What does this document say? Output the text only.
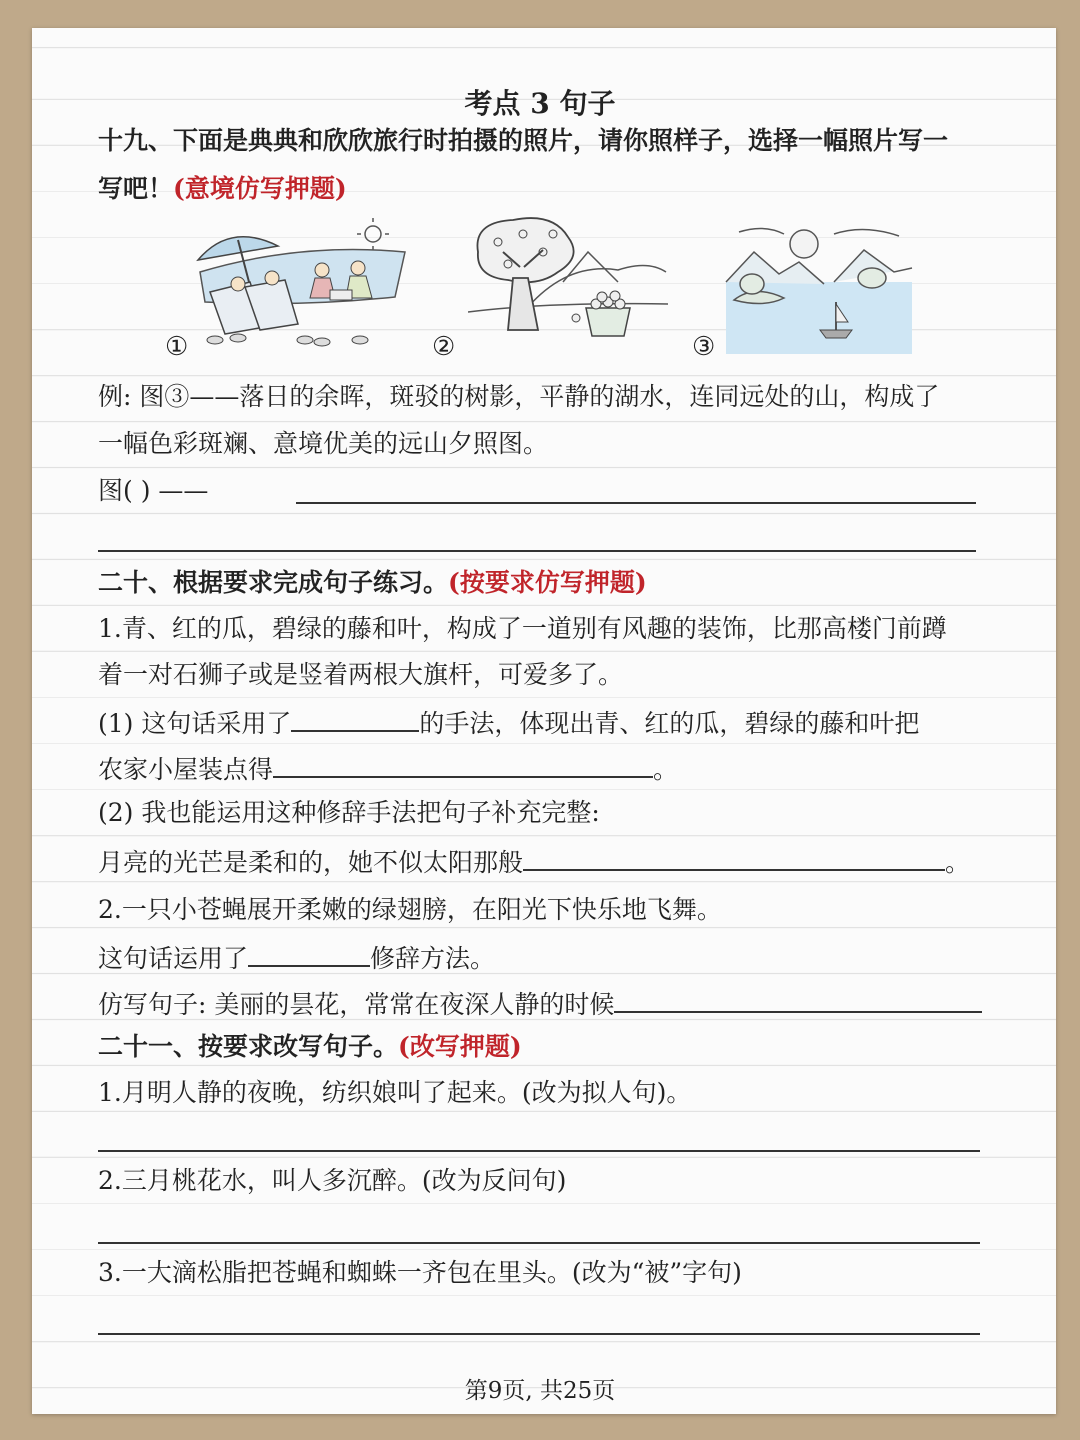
考点 3 句子
十九、下面是典典和欣欣旅行时拍摄的照片，请你照样子，选择一幅照片写一
写吧！(意境仿写押题)
①	②	③
例: 图③——落日的余晖，斑驳的树影，平静的湖水，连同远处的山，构成了
一幅色彩斑斓、意境优美的远山夕照图。
图( ) ——
二十、根据要求完成句子练习。(按要求仿写押题)
1.青、红的瓜，碧绿的藤和叶，构成了一道别有风趣的装饰，比那高楼门前蹲
着一对石狮子或是竖着两根大旗杆，可爱多了。
(1) 这句话采用了	的手法，体现出青、红的瓜，碧绿的藤和叶把
农家小屋装点得	。
(2) 我也能运用这种修辞手法把句子补充完整:
月亮的光芒是柔和的，她不似太阳那般	。
2.一只小苍蝇展开柔嫩的绿翅膀，在阳光下快乐地飞舞。
这句话运用了	修辞方法。
仿写句子: 美丽的昙花，常常在夜深人静的时候
二十一、按要求改写句子。(改写押题)
1.月明人静的夜晚，纺织娘叫了起来。(改为拟人句)。
2.三月桃花水，叫人多沉醉。(改为反问句)
3.一大滴松脂把苍蝇和蜘蛛一齐包在里头。(改为“被”字句)
第9页, 共25页
